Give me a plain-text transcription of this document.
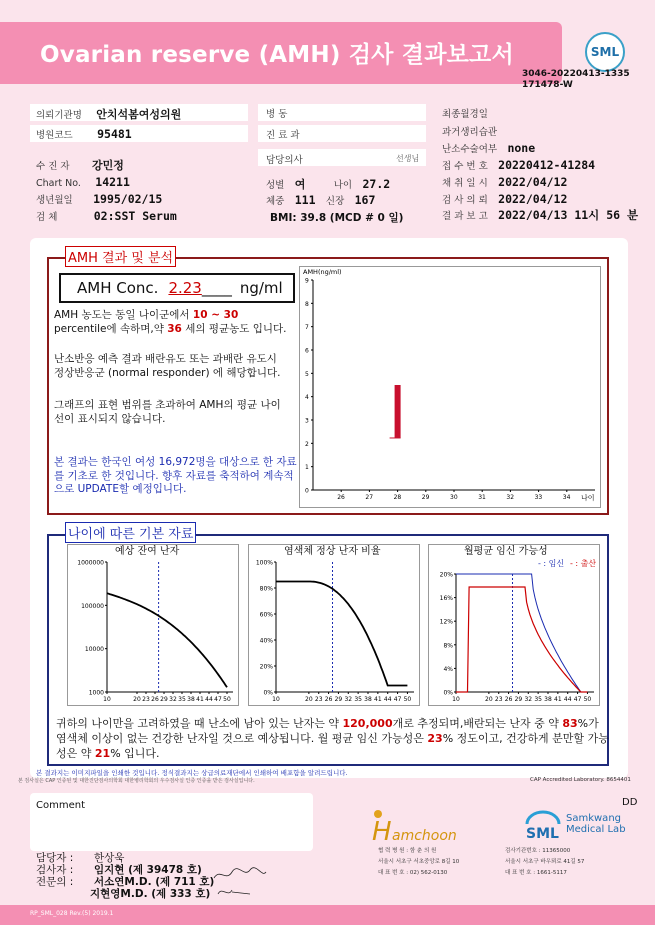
Ovarian reserve (AMH) 검사 결과보고서	SML
3046-20220413-1335
171478-W
의뢰기관명 안치석봄여성의원
병원코드 95481
수 진 자 강민정
Chart No. 14211
생년월일 1995/02/15
검 체	02:SST Serum
병 동
진 료 과
담당의사	선생님
성별 여	나이 27.2
체중 111 신장 167
BMI: 39.8 (MCD # 0 일)
최종월경일
과거생리습관
난소수술여부 none
접 수 번 호 20220412-41284
채 취 일 시 2022/04/12
검 사 의 뢰 2022/04/12
결 과 보 고 2022/04/13 11시 56 분
AMH 결과 및 분석
AMH Conc. 2.23 ____ ng/ml
AMH 농도는 동일 나이군에서 10 ~ 30 percentile에 속하며,약 36 세의 평균농도 입니다.
난소반응 예측 결과 배란유도 또는 과배란 유도시 정상반응군 (normal responder) 에 해당합니다.
그래프의 표현 범위를 초과하여 AMH의 평균 나이선이 표시되지 않습니다.
본 결과는 한국인 여성 16,972명을 대상으로 한 자료를 기초로 한 것입니다. 향후 자료를 축적하여 계속적으로 UPDATE할 예정입니다.
AMH(ng/ml)
0
1
2
3
4
5
6
7
8
9
26	27	28	29	30	31	32	33	34 나이
나이에 따른 기본 자료
예상 잔여 난자
1000000
100000
10000
1000
10	20 23 26 29 32 35 38 41 44 47 50
염색체 정상 난자 비율
100%
80%
60%
40%
20%
0%
10	20 23 26 29 32 35 38 41 44 47 50
월평균 임신 가능성
- : 임신 - : 출산
20%
16%
12%
8%
4%
0%
10	20 23 26 29 32 35 38 41 44 47 50
귀하의 나이만을 고려하였을 때 난소에 남아 있는 난자는 약 120,000개로 추정되며,배란되는 난자 중 약 83%가 염색체 이상이 없는 건강한 난자일 것으로 예상됩니다. 월 평균 임신 가능성은 23% 정도이고, 건강하게 분만할 가능성은 약 21% 입니다.
본 결과지는 이미지파일을 인쇄한 것입니다. 정식결과지는 상급의료재단에서 인쇄하여 배포함을 알려드립니다.
본 검사실은 CAP 인증된 및 대한진단검사의학회 대한병리학회의 우수검사실 인증 인증을 받은 검사실입니다.	CAP Accredited Laboratory. 8654401
Comment	DD
H amchoon
협 력 병 원 : 함 춘 의 원
서울시 서초구 서초중앙로 8길 10
대 표 번 호 : 02) 562-0130
SML
Samkwang
Medical Lab
검사기관번호 : 11365000
서울시 서초구 바우뫼로 41길 57
대 표 번 호 : 1661-5117
담당자 : 한상욱
검사자 : 임지현 (제 39478 호)
전문의 : 서소연M.D. (제 711 호)
지현영M.D. (제 333 호)
RP_SML_028 Rev.(5) 2019.1
